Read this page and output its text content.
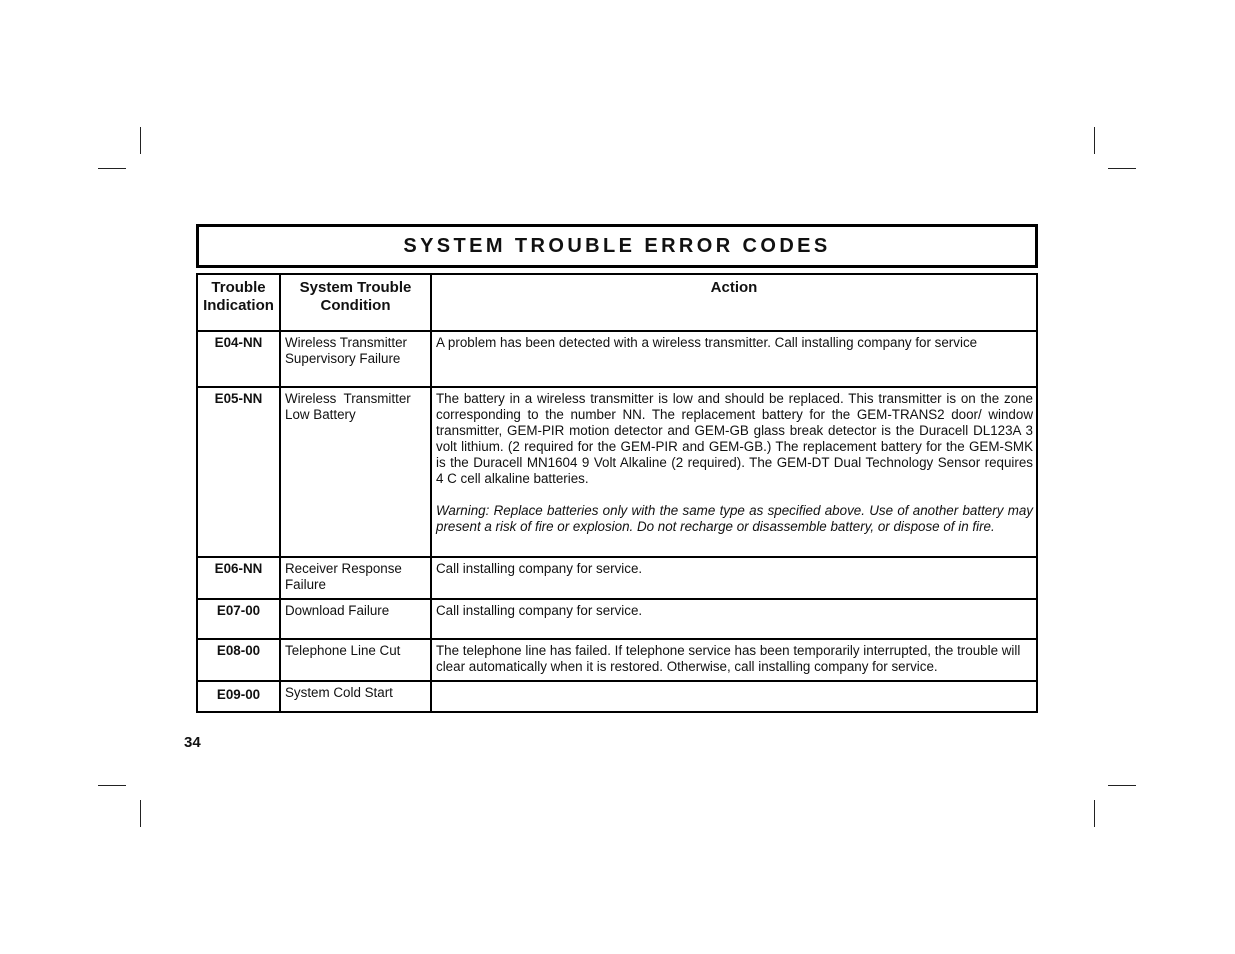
SYSTEM TROUBLE ERROR CODES
Trouble Indication	System Trouble Condition	Action

E04-NN	Wireless Transmitter Supervisory Failure	A problem has been detected with a wireless transmitter. Call installing company for service

E05-NN	Wireless  Transmitter Low Battery	The battery in a wireless transmitter is low and should be replaced. This transmitter is on the zone corresponding to the number NN. The replacement battery for the GEM-TRANS2 door/ window transmitter, GEM-PIR motion detector and GEM-GB glass break detector is the Duracell DL123A 3 volt lithium. (2 required for the GEM-PIR and GEM-GB.) The replacement battery for the GEM-SMK is the Duracell MN1604 9 Volt Alkaline (2 required). The GEM-DT Dual Technology Sensor requires 4 C cell alkaline batteries.
Warning: Replace batteries only with the same type as specified above. Use of another battery may present a risk of fire or explosion. Do not recharge or disassemble battery, or dispose of in fire.

E06-NN	Receiver Response Failure	Call installing company for service.

E07-00	Download Failure	Call installing company for service.

E08-00	Telephone Line Cut	The telephone line has failed. If telephone service has been temporarily interrupted, the trouble will clear automatically when it is restored. Otherwise, call installing company for service.

E09-00	System Cold Start	

34
